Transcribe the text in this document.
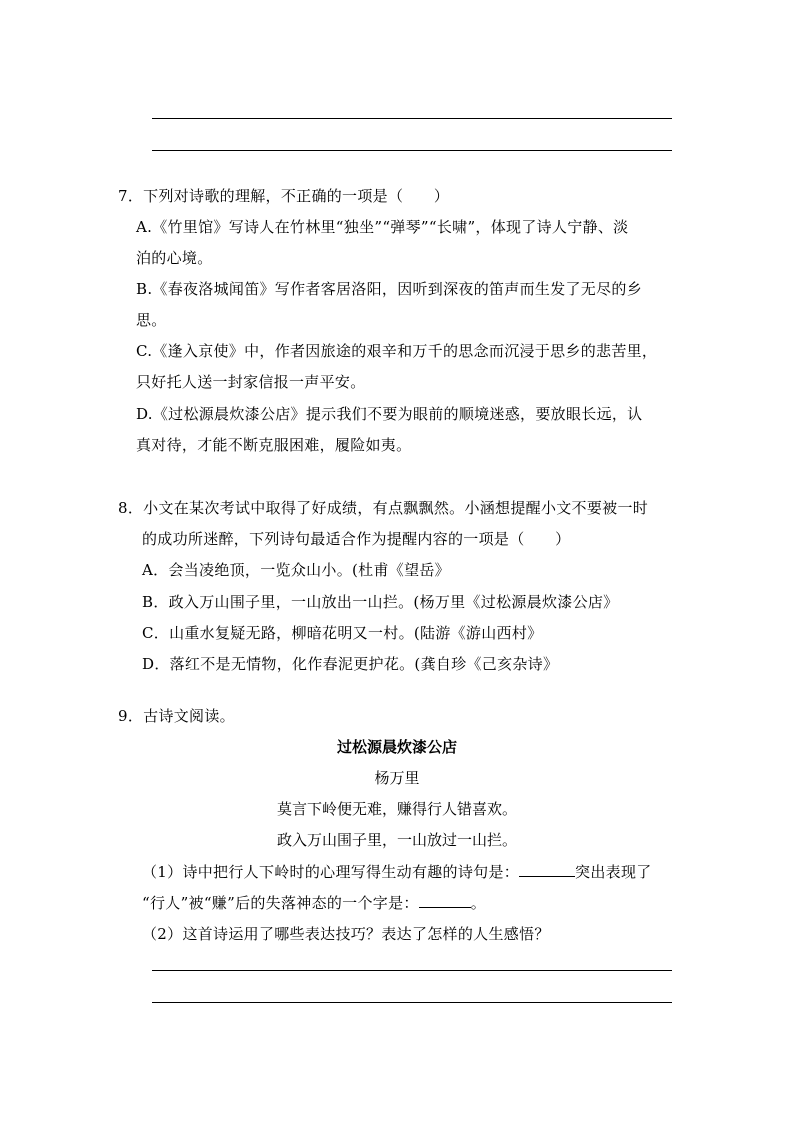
7．下列对诗歌的理解，不正确的一项是（　　）
A.《竹里馆》写诗人在竹林里“独坐”“弹琴”“长啸”，体现了诗人宁静、淡
泊的心境。
B.《春夜洛城闻笛》写作者客居洛阳，因听到深夜的笛声而生发了无尽的乡
思。
C.《逢入京使》中，作者因旅途的艰辛和万千的思念而沉浸于思乡的悲苦里，
只好托人送一封家信报一声平安。
D.《过松源晨炊漆公店》提示我们不要为眼前的顺境迷惑，要放眼长远，认
真对待，才能不断克服困难，履险如夷。
8．小文在某次考试中取得了好成绩，有点飘飘然。小涵想提醒小文不要被一时
的成功所迷醉，下列诗句最适合作为提醒内容的一项是（　　）
A．会当凌绝顶，一览众山小。(杜甫《望岳》
B．政入万山围子里，一山放出一山拦。(杨万里《过松源晨炊漆公店》
C．山重水复疑无路，柳暗花明又一村。(陆游《游山西村》
D．落红不是无情物，化作春泥更护花。(龚自珍《己亥杂诗》
9．古诗文阅读。
过松源晨炊漆公店
杨万里
莫言下岭便无难，赚得行人错喜欢。
政入万山围子里，一山放过一山拦。
（1）诗中把行人下岭时的心理写得生动有趣的诗句是：	突出表现了
“行人”被“赚”后的失落神态的一个字是：	。
（2）这首诗运用了哪些表达技巧？表达了怎样的人生感悟？
